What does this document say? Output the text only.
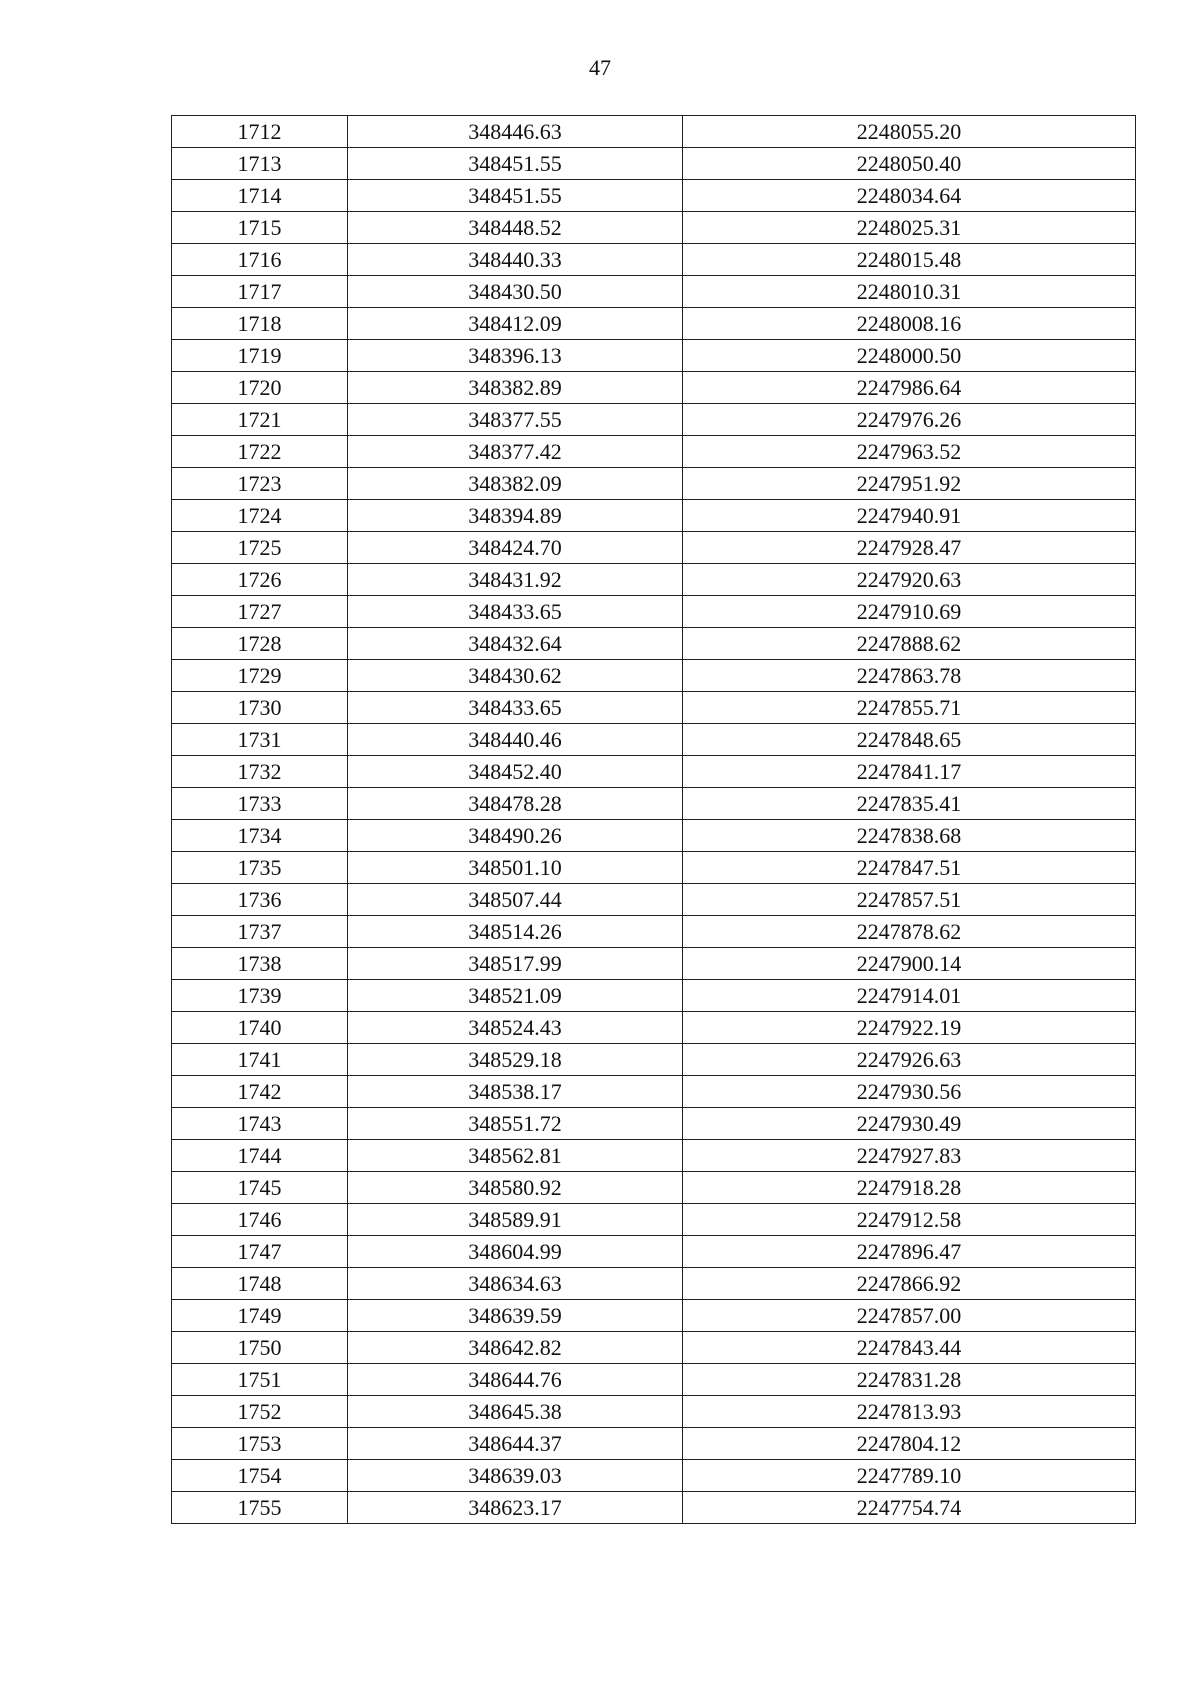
47
1712	348446.63	2248055.20
1713	348451.55	2248050.40
1714	348451.55	2248034.64
1715	348448.52	2248025.31
1716	348440.33	2248015.48
1717	348430.50	2248010.31
1718	348412.09	2248008.16
1719	348396.13	2248000.50
1720	348382.89	2247986.64
1721	348377.55	2247976.26
1722	348377.42	2247963.52
1723	348382.09	2247951.92
1724	348394.89	2247940.91
1725	348424.70	2247928.47
1726	348431.92	2247920.63
1727	348433.65	2247910.69
1728	348432.64	2247888.62
1729	348430.62	2247863.78
1730	348433.65	2247855.71
1731	348440.46	2247848.65
1732	348452.40	2247841.17
1733	348478.28	2247835.41
1734	348490.26	2247838.68
1735	348501.10	2247847.51
1736	348507.44	2247857.51
1737	348514.26	2247878.62
1738	348517.99	2247900.14
1739	348521.09	2247914.01
1740	348524.43	2247922.19
1741	348529.18	2247926.63
1742	348538.17	2247930.56
1743	348551.72	2247930.49
1744	348562.81	2247927.83
1745	348580.92	2247918.28
1746	348589.91	2247912.58
1747	348604.99	2247896.47
1748	348634.63	2247866.92
1749	348639.59	2247857.00
1750	348642.82	2247843.44
1751	348644.76	2247831.28
1752	348645.38	2247813.93
1753	348644.37	2247804.12
1754	348639.03	2247789.10
1755	348623.17	2247754.74
